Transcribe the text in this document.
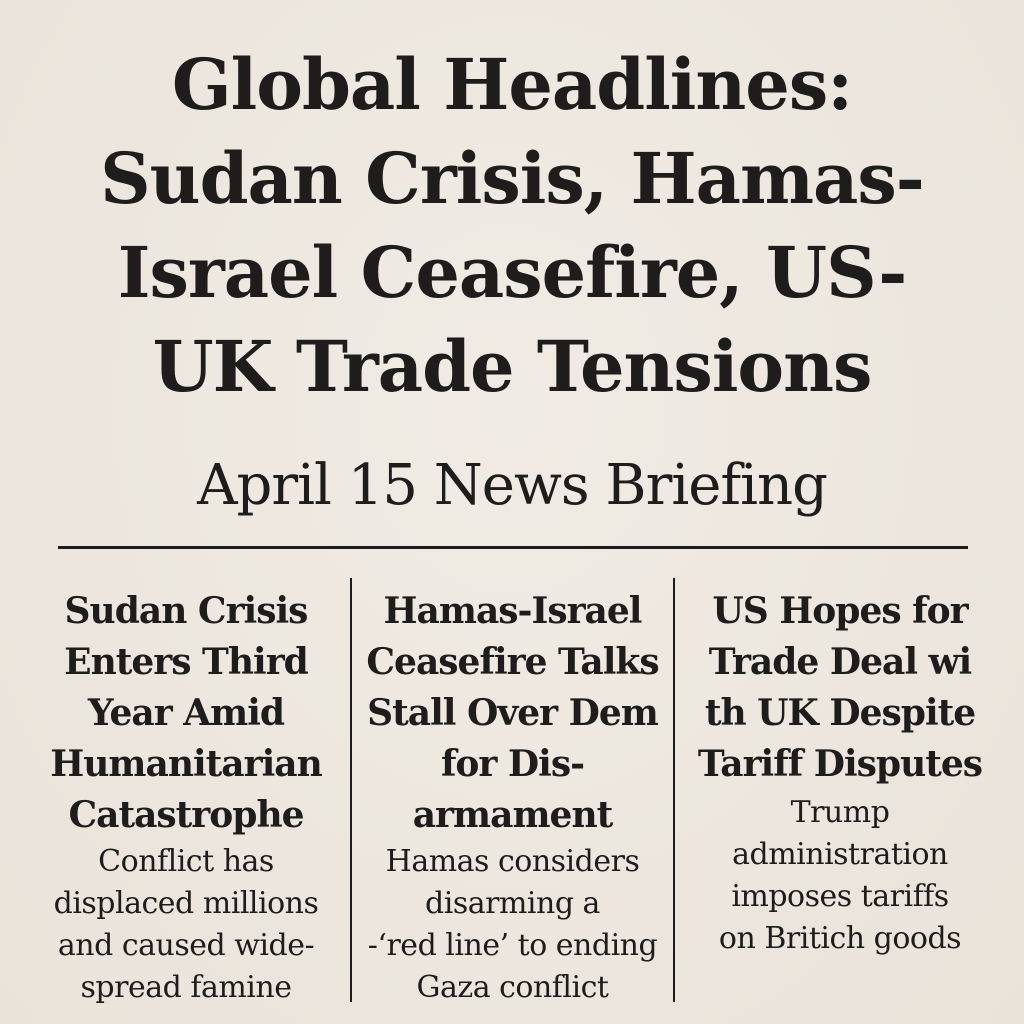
Global Headlines:
Sudan Crisis, Hamas-
Israel Ceasefire, US-
UK Trade Tensions
April 15 News Briefing
Sudan Crisis
Enters Third
Year Amid
Humanitarian
Catastrophe

Conflict has
displaced millions
and caused wide-
spread famine

Hamas-Israel
Ceasefire Talks
Stall Over Dem
for Dis-
armament

Hamas considers
disarming a
-‘red line’ to ending
Gaza conflict

US Hopes for
Trade Deal wi
th UK Despite
Tariff Disputes

Trump
administration
imposes tariffs
on Britich goods
